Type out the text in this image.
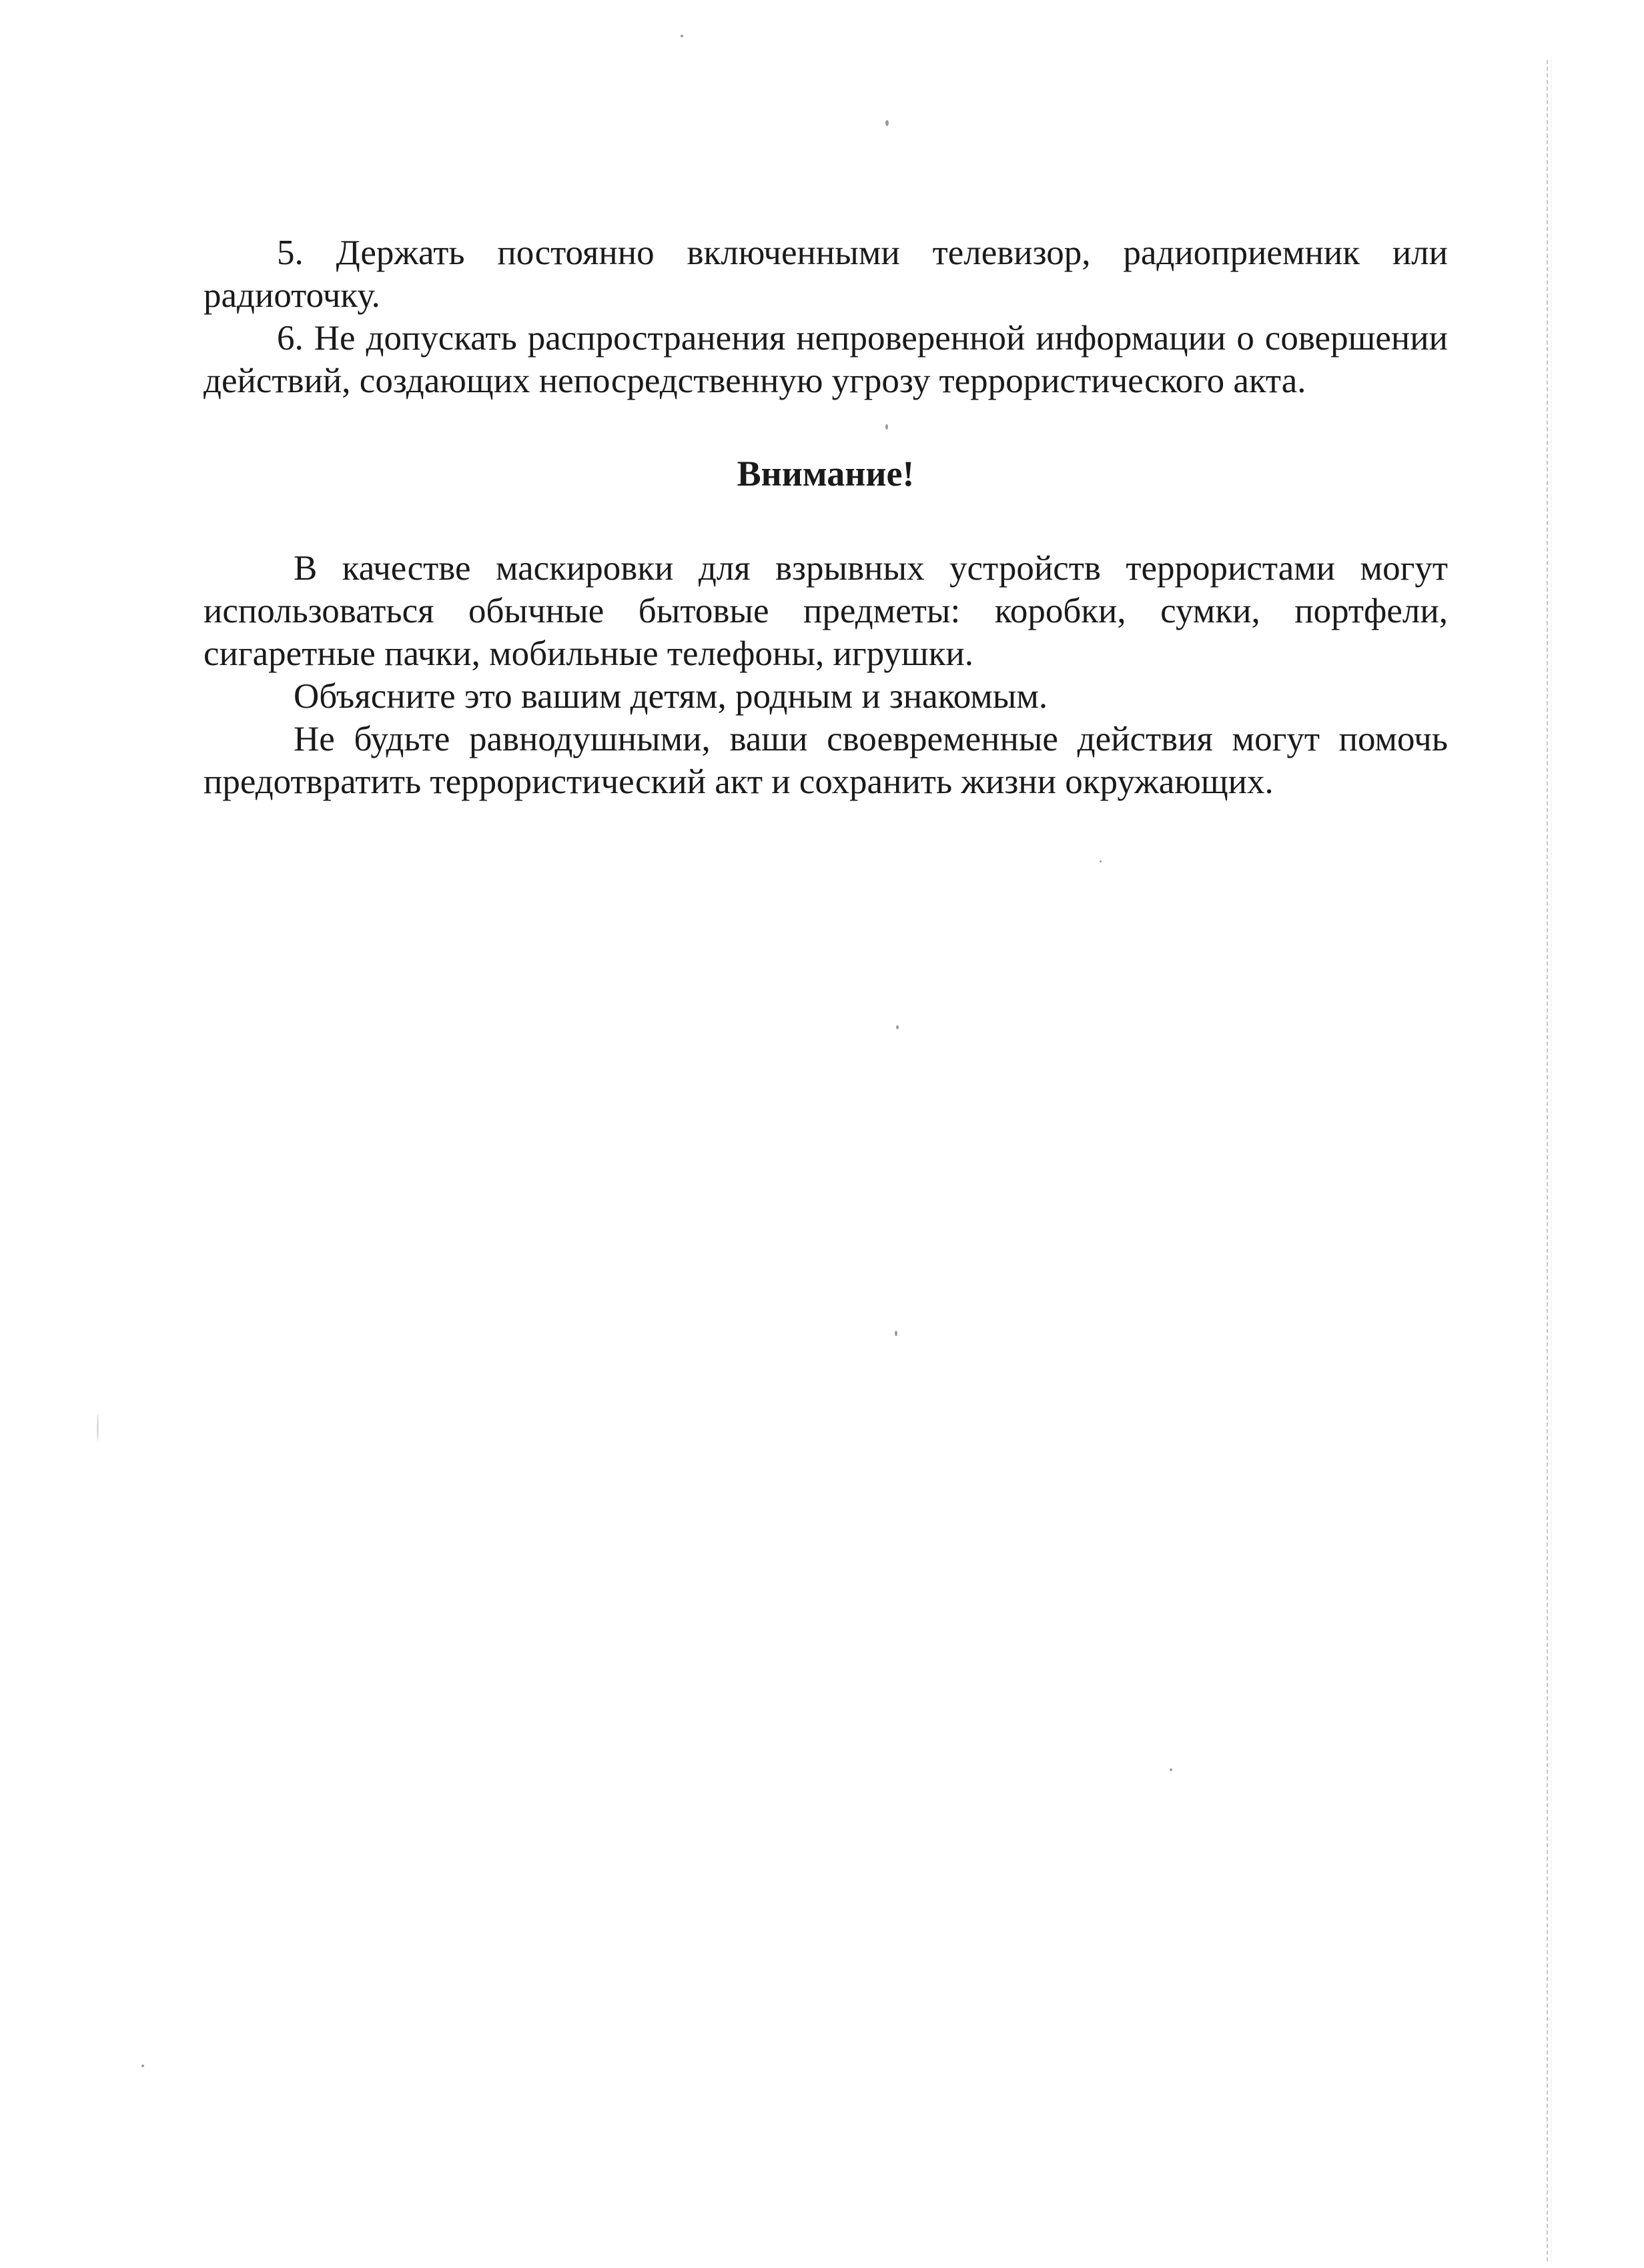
5. Держать постоянно включенными телевизор, радиоприемник или радиоточку.

6. Не допускать распространения непроверенной информации о совершении действий, создающих непосредственную угрозу террористического акта.

Внимание!

В качестве маскировки для взрывных устройств террористами могут использоваться обычные бытовые предметы: коробки, сумки, портфели, сигаретные пачки, мобильные телефоны, игрушки.

Объясните это вашим детям, родным и знакомым.

Не будьте равнодушными, ваши своевременные действия могут помочь предотвратить террористический акт и сохранить жизни окружающих.
